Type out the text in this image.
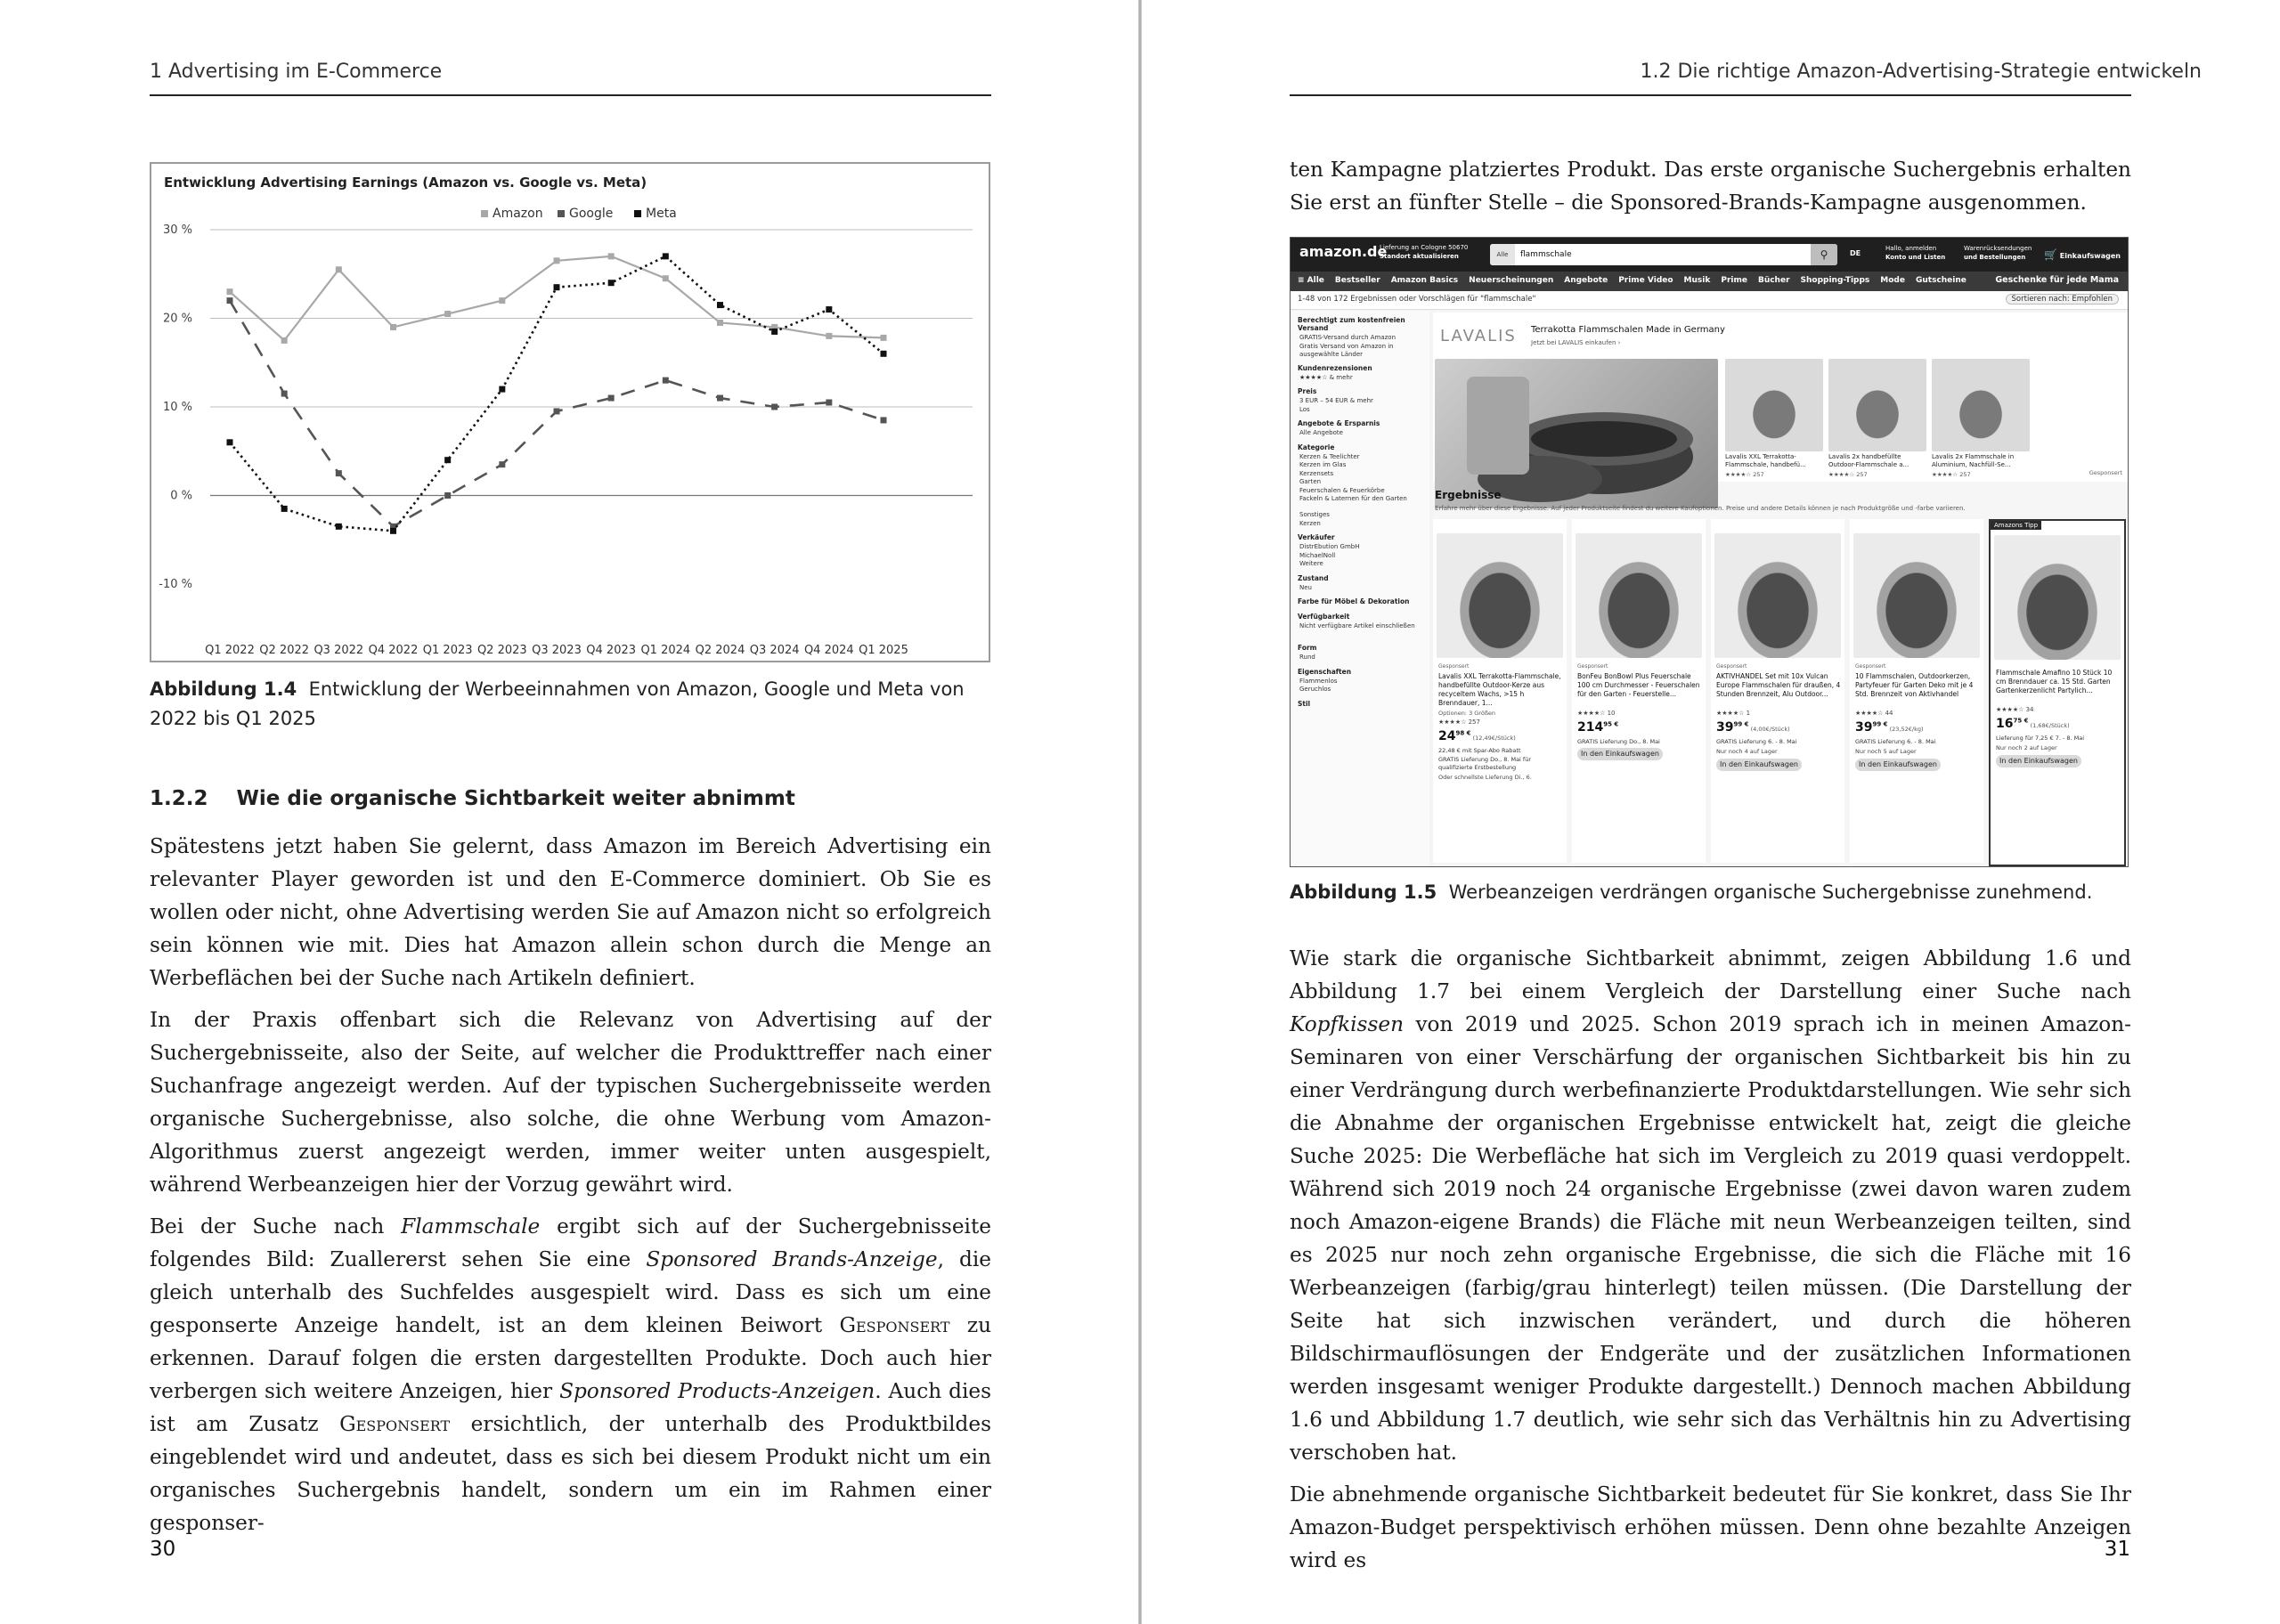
1 Advertising im E-Commerce
Entwicklung Advertising Earnings (Amazon vs. Google vs. Meta)
Amazon Google	Meta
30 %
20 %
10 %
0 %
-10 %
Q1 2022 Q2 2022 Q3 2022 Q4 2022 Q1 2023 Q2 2023 Q3 2023 Q4 2023 Q1 2024 Q2 2024 Q3 2024 Q4 2024 Q1 2025
Abbildung 1.4 Entwicklung der Werbeeinnahmen von Amazon, Google und Meta von 2022 bis Q1 2025
1.2.2 Wie die organische Sichtbarkeit weiter abnimmt

Spätestens jetzt haben Sie gelernt, dass Amazon im Bereich Advertising ein relevanter Player geworden ist und den E-Commerce dominiert. Ob Sie es wollen oder nicht, ohne Advertising werden Sie auf Amazon nicht so erfolgreich sein können wie mit. Dies hat Amazon allein schon durch die Menge an Werbeflächen bei der Suche nach Artikeln definiert.

In der Praxis offenbart sich die Relevanz von Advertising auf der Suchergebnisseite, also der Seite, auf welcher die Produkttreffer nach einer Suchanfrage angezeigt werden. Auf der typischen Suchergebnisseite werden organische Suchergebnisse, also solche, die ohne Werbung vom Amazon-Algorithmus zuerst angezeigt werden, immer weiter unten ausgespielt, während Werbeanzeigen hier der Vorzug gewährt wird.

Bei der Suche nach Flammschale ergibt sich auf der Suchergebnisseite folgendes Bild: Zuallererst sehen Sie eine Sponsored Brands-Anzeige, die gleich unterhalb des Suchfeldes ausgespielt wird. Dass es sich um eine gesponserte Anzeige handelt, ist an dem kleinen Beiwort Gesponsert zu erkennen. Darauf folgen die ersten dargestellten Produkte. Doch auch hier verbergen sich weitere Anzeigen, hier Sponsored Products-Anzeigen. Auch dies ist am Zusatz Gesponsert ersichtlich, der unterhalb des Produktbildes eingeblendet wird und andeutet, dass es sich bei diesem Produkt nicht um ein organisches Suchergebnis handelt, sondern um ein im Rahmen einer gesponser-

30
1.2 Die richtige Amazon-Advertising-Strategie entwickeln
ten Kampagne platziertes Produkt. Das erste organische Suchergebnis erhalten Sie erst an fünfter Stelle – die Sponsored-Brands-Kampagne ausgenommen.
Abbildung 1.5 Werbeanzeigen verdrängen organische Suchergebnisse zunehmend.

Wie stark die organische Sichtbarkeit abnimmt, zeigen Abbildung 1.6 und Abbildung 1.7 bei einem Vergleich der Darstellung einer Suche nach Kopfkissen von 2019 und 2025. Schon 2019 sprach ich in meinen Amazon-Seminaren von einer Verschärfung der organischen Sichtbarkeit bis hin zu einer Verdrängung durch werbefinanzierte Produktdarstellungen. Wie sehr sich die Abnahme der organischen Ergebnisse entwickelt hat, zeigt die gleiche Suche 2025: Die Werbefläche hat sich im Vergleich zu 2019 quasi verdoppelt. Während sich 2019 noch 24 organische Ergebnisse (zwei davon waren zudem noch Amazon-eigene Brands) die Fläche mit neun Werbeanzeigen teilten, sind es 2025 nur noch zehn organische Ergebnisse, die sich die Fläche mit 16 Werbeanzeigen (farbig/grau hinterlegt) teilen müssen. (Die Darstellung der Seite hat sich inzwischen verändert, und durch die höheren Bildschirmauflösungen der Endgeräte und der zusätzlichen Informationen werden insgesamt weniger Produkte dargestellt.) Dennoch machen Abbildung 1.6 und Abbildung 1.7 deutlich, wie sehr sich das Verhältnis hin zu Advertising verschoben hat.

Die abnehmende organische Sichtbarkeit bedeutet für Sie konkret, dass Sie Ihr Amazon-Budget perspektivisch erhöhen müssen. Denn ohne bezahlte Anzeigen wird es	31
amazon.de
Lieferung an Cologne 50670
Standort aktualisieren	Alle	flammschale	⚲	DE
Hallo, anmelden
Konto und Listen
Warenrücksendungen
und Bestellungen	🛒 Einkaufswagen
≡ Alle Bestseller Amazon Basics Neuerscheinungen Angebote Prime Video Musik Prime Bücher Shopping-Tipps Mode Gutscheine	Geschenke für jede Mama
1-48 von 172 Ergebnissen oder Vorschlägen für "flammschale"	Sortieren nach: Empfohlen
Berechtigt zum kostenfreien Versand
GRATIS-Versand durch Amazon
Gratis Versand von Amazon in ausgewählte Länder
Kundenrezensionen
★★★★☆ & mehr
Preis
3 EUR – 54 EUR & mehr
Los
Angebote & Ersparnis
Alle Angebote
Kategorie
Kerzen & Teelichter
Kerzen im Glas
Kerzensets
Garten
Feuerschalen & Feuerkörbe
Fackeln & Laternen für den Garten
Sonstiges
Kerzen
Verkäufer
DistrEbution GmbH
MichaelNoll
Weitere
Zustand
Neu
Farbe für Möbel & Dekoration
Verfügbarkeit
Nicht verfügbare Artikel einschließen
Form
Rund
Eigenschaften
Flammenlos
Geruchlos
Stil
LAVALIS Terrakotta Flammschalen Made in Germany
Jetzt bei LAVALIS einkaufen ›
Lavalis XXL Terrakotta-Flammschale, handbefü...
★★★★☆ 257
Lavalis 2x handbefüllte Outdoor-Flammschale a...
★★★★☆ 257
Lavalis 2x Flammschale in Aluminium, Nachfüll-Se...
★★★★☆ 257	Gesponsert
Ergebnisse
Erfahre mehr über diese Ergebnisse. Auf jeder Produktseite findest du weitere Kaufoptionen. Preise und andere Details können je nach Produktgröße und -farbe variieren.
Gesponsert
Lavalis XXL Terrakotta-Flammschale, handbefüllte Outdoor-Kerze aus recyceltem Wachs, >15 h Brenndauer, 1...
Optionen: 3 Größen
★★★★☆ 257
$24^{98 €}$ (12,49€/Stück)
22,48 € mit Spar-Abo Rabatt
GRATIS Lieferung Do., 8. Mai für qualifizierte Erstbestellung
Oder schnellste Lieferung Di., 6.
Gesponsert
BonFeu BonBowl Plus Feuerschale 100 cm Durchmesser - Feuerschalen für den Garten - Feuerstelle...
★★★★☆ 10
$214^{95 €}$
GRATIS Lieferung Do., 8. Mai
In den Einkaufswagen
Gesponsert
AKTIVHANDEL Set mit 10x Vulcan Europe Flammschalen für draußen, 4 Stunden Brennzeit, Alu Outdoor...
★★★★☆ 1
$39^{99 €}$ (4,00€/Stück)
GRATIS Lieferung 6. - 8. Mai
Nur noch 4 auf Lager
In den Einkaufswagen
Gesponsert
10 Flammschalen, Outdoorkerzen, Partyfeuer für Garten Deko mit je 4 Std. Brennzeit von Aktivhandel
★★★★☆ 44
$39^{99 €}$ (23,52€/kg)
GRATIS Lieferung 6. - 8. Mai
Nur noch 5 auf Lager
In den Einkaufswagen
Amazons Tipp
Flammschale Amafino 10 Stück 10 cm Brenndauer ca. 15 Std. Garten Gartenkerzenlicht Partylich...
★★★★☆ 34
$16^{75 €}$ (1,68€/Stück)
Lieferung für 7,25 € 7. - 8. Mai
Nur noch 2 auf Lager
In den Einkaufswagen
